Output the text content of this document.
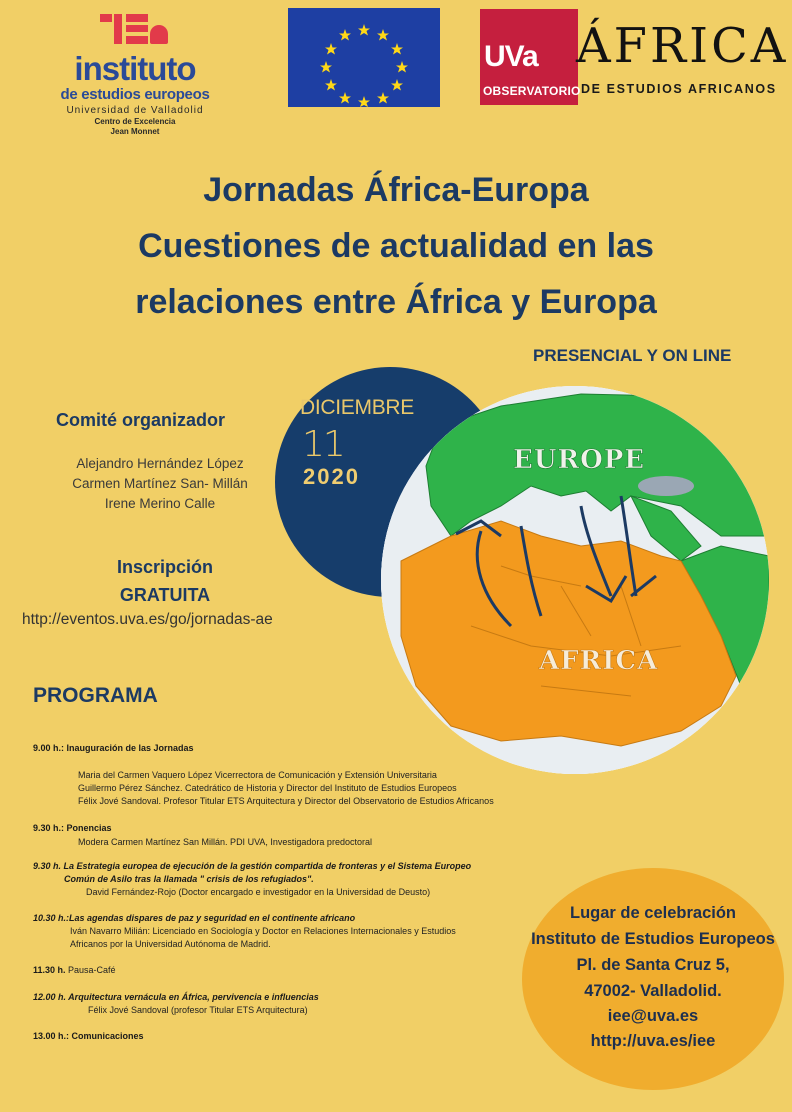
instituto
de estudios europeos
Universidad de Valladolid
Centro de Excelencia
Jean Monnet
UVa
OBSERVATORIO
ÁFRICA
DE ESTUDIOS AFRICANOS
Jornadas África-Europa
Cuestiones de actualidad en las
relaciones entre África y Europa
PRESENCIAL Y ON LINE
EUROPE
AFRICA
DICIEMBRE
11
2020
Comité organizador
Alejandro Hernández López
Carmen Martínez San- Millán
Irene Merino Calle
Inscripción
GRATUITA
http://eventos.uva.es/go/jornadas-ae
PROGRAMA
9.00 h.: Inauguración de las Jornadas
Maria del Carmen Vaquero López Vicerrectora de Comunicación y Extensión Universitaria
Guillermo Pérez Sánchez. Catedrático de Historia y Director del Instituto de Estudios Europeos
Félix Jové Sandoval. Profesor Titular ETS Arquitectura y Director del Observatorio de Estudios Africanos
9.30 h.: Ponencias
Modera Carmen Martínez San Millán. PDI UVA, Investigadora predoctoral
9.30 h. La Estrategia europea de ejecución de la gestión compartida de fronteras y el Sistema Europeo
Común de Asilo tras la llamada " crisis de los refugiados".
David Fernández-Rojo (Doctor encargado e investigador en la Universidad de Deusto)
10.30 h.:Las agendas dispares de paz y seguridad en el continente africano
Iván Navarro Milián: Licenciado en Sociología y Doctor en Relaciones Internacionales y Estudios
Africanos por la Universidad Autónoma de Madrid.
11.30 h. Pausa-Café
12.00 h. Arquitectura vernácula en África, pervivencia e influencias
Félix Jové Sandoval (profesor Titular ETS Arquitectura)
13.00 h.: Comunicaciones
Lugar de celebración
Instituto de Estudios Europeos
Pl. de Santa Cruz 5,
47002- Valladolid.
iee@uva.es
http://uva.es/iee
